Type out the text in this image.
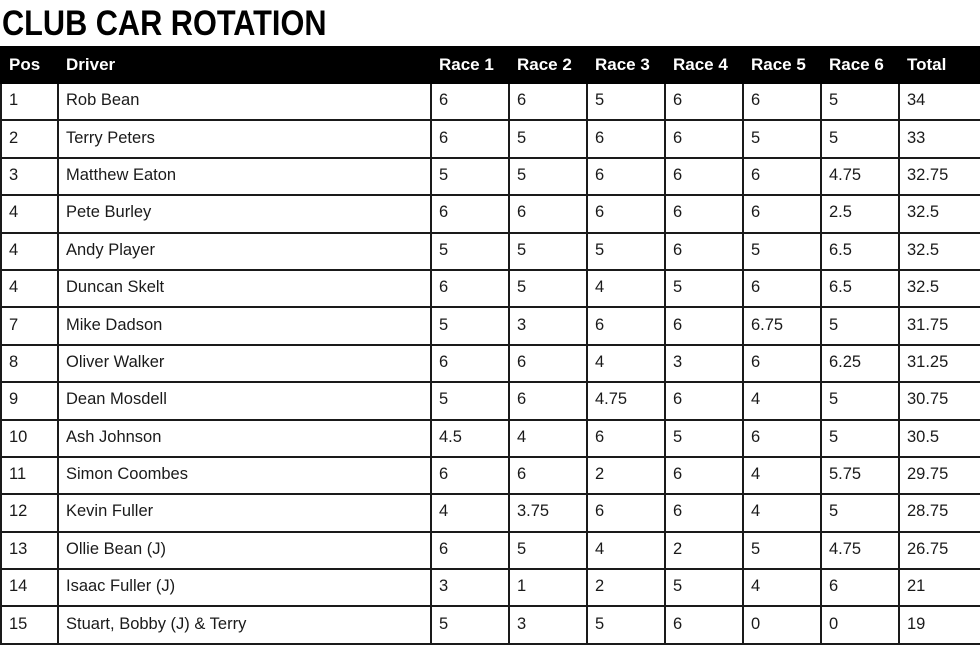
CLUB CAR ROTATION
Pos	Driver	Race 1	Race 2	Race 3	Race 4	Race 5	Race 6	Total
1	Rob Bean	6	6	5	6	6	5	34
2	Terry Peters	6	5	6	6	5	5	33
3	Matthew Eaton	5	5	6	6	6	4.75	32.75
4	Pete Burley	6	6	6	6	6	2.5	32.5
4	Andy Player	5	5	5	6	5	6.5	32.5
4	Duncan Skelt	6	5	4	5	6	6.5	32.5
7	Mike Dadson	5	3	6	6	6.75	5	31.75
8	Oliver Walker	6	6	4	3	6	6.25	31.25
9	Dean Mosdell	5	6	4.75	6	4	5	30.75
10	Ash Johnson	4.5	4	6	5	6	5	30.5
11	Simon Coombes	6	6	2	6	4	5.75	29.75
12	Kevin Fuller	4	3.75	6	6	4	5	28.75
13	Ollie Bean (J)	6	5	4	2	5	4.75	26.75
14	Isaac Fuller (J)	3	1	2	5	4	6	21
15	Stuart, Bobby (J) & Terry	5	3	5	6	0	0	19
